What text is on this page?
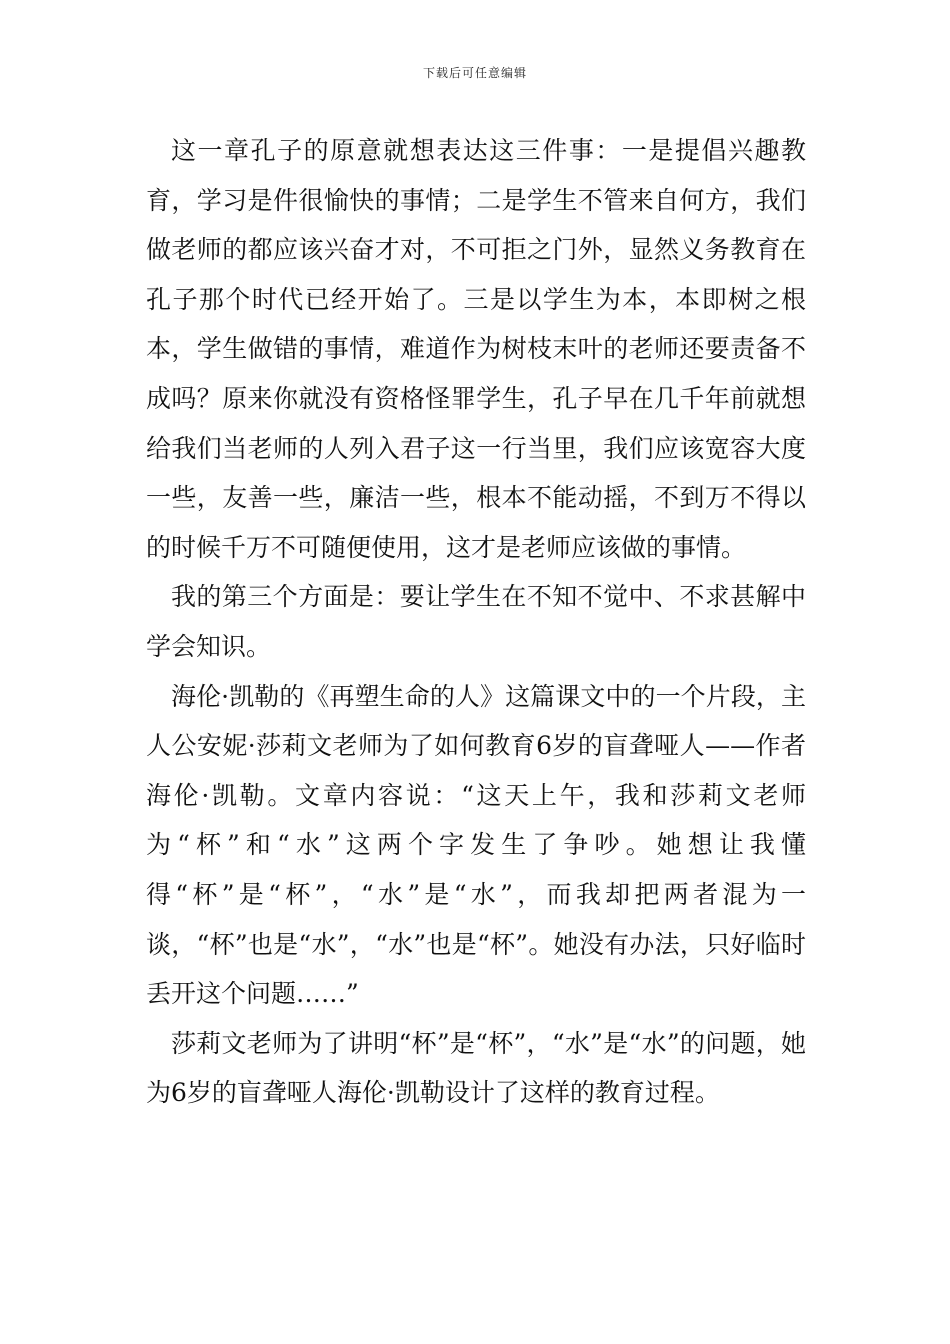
下载后可任意编辑

这一章孔子的原意就想表达这三件事：一是提倡兴趣教育，学习是件很愉快的事情；二是学生不管来自何方，我们做老师的都应该兴奋才对，不可拒之门外，显然义务教育在孔子那个时代已经开始了。三是以学生为本，本即树之根本，学生做错的事情，难道作为树枝末叶的老师还要责备不成吗？原来你就没有资格怪罪学生，孔子早在几千年前就想给我们当老师的人列入君子这一行当里，我们应该宽容大度一些，友善一些，廉洁一些，根本不能动摇，不到万不得以的时候千万不可随便使用，这才是老师应该做的事情。

我的第三个方面是：要让学生在不知不觉中、不求甚解中学会知识。

海伦·凯勒的《再塑生命的人》这篇课文中的一个片段，主人公安妮·莎莉文老师为了如何教育6岁的盲聋哑人——作者海伦·凯勒。文章内容说：“这天上午，我和莎莉文老师为“杯”和“水”这两个字发生了争吵。她想让我懂得“杯”是“杯”，“水”是“水”，而我却把两者混为一谈，“杯”也是“水”，“水”也是“杯”。她没有办法，只好临时丢开这个问题……”

莎莉文老师为了讲明“杯”是“杯”，“水”是“水”的问题，她为6岁的盲聋哑人海伦·凯勒设计了这样的教育过程。
